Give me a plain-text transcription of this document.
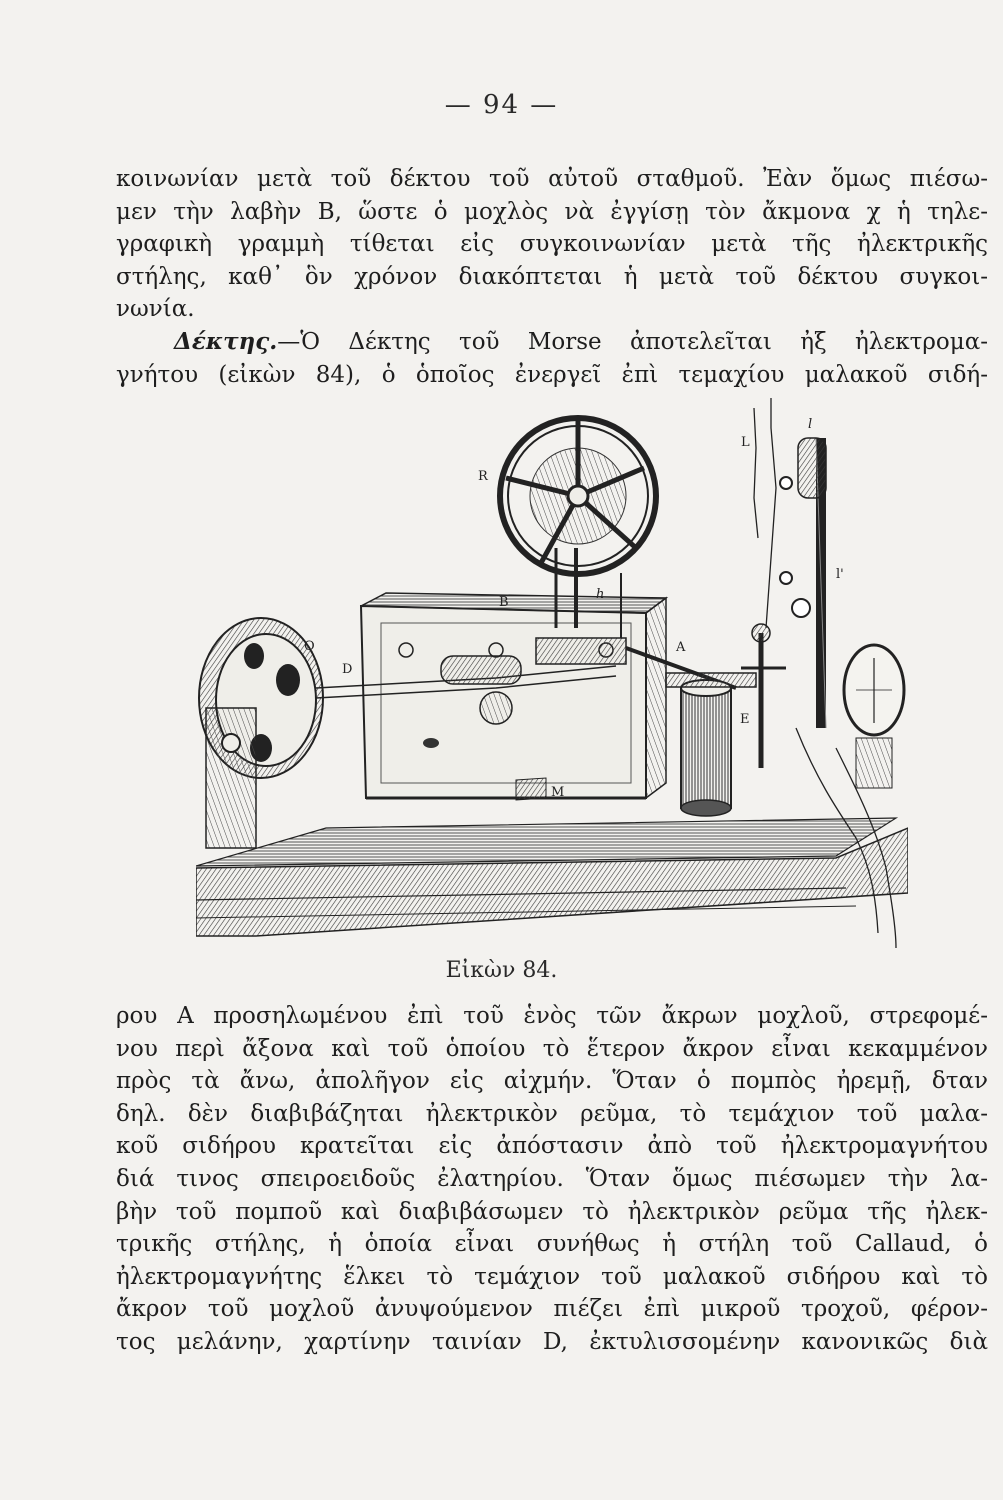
— 94 —
κοινωνίαν μετὰ τοῦ δέκτου τοῦ αὐτοῦ σταθμοῦ. Ἐὰν ὅμως πιέσω-
μεν τὴν λαβὴν Β, ὥστε ὁ μοχλὸς νὰ ἐγγίσῃ τὸν ἄκμονα χ ἡ τηλε-
γραφικὴ γραμμὴ τίθεται εἰς συγκοινωνίαν μετὰ τῆς ἠλεκτρικῆς
στήλης, καθ᾽ ὃν χρόνον διακόπτεται ἡ μετὰ τοῦ δέκτου συγκοι-
νωνία.
Δέκτης.—Ὁ Δέκτης τοῦ Morse ἀποτελεῖται ἠξ ἠλεκτρομα-
γνήτου (εἰκὼν 84), ὁ ὁποῖος ἐνεργεῖ ἐπὶ τεμαχίου μαλακοῦ σιδή-
R
L
B
h
Q
D
A
E
M
l
l'
Εἰκὼν 84.
ρου Α προσηλωμένου ἐπὶ τοῦ ἑνὸς τῶν ἄκρων μοχλοῦ, στρεφομέ-
νου περὶ ἄξονα καὶ τοῦ ὁποίου τὸ ἕτερον ἄκρον εἶναι κεκαμμένον
πρὸς τὰ ἄνω, ἀπολῆγον εἰς αἰχμήν. Ὅταν ὁ πομπὸς ἠρεμῇ, δταν
δηλ. δὲν διαβιβάζηται ἠλεκτρικὸν ρεῦμα, τὸ τεμάχιον τοῦ μαλα-
κοῦ σιδήρου κρατεῖται εἰς ἀπόστασιν ἀπὸ τοῦ ἠλεκτρομαγνήτου
διά τινος σπειροειδοῦς ἐλατηρίου. Ὅταν ὅμως πιέσωμεν τὴν λα-
βὴν τοῦ πομποῦ καὶ διαβιβάσωμεν τὸ ἠλεκτρικὸν ρεῦμα τῆς ἠλεκ-
τρικῆς στήλης, ἡ ὁποία εἶναι συνήθως ἡ στήλη τοῦ Callaud, ὁ
ἠλεκτρομαγνήτης ἕλκει τὸ τεμάχιον τοῦ μαλακοῦ σιδήρου καὶ τὸ
ἄκρον τοῦ μοχλοῦ ἀνυψούμενον πιέζει ἐπὶ μικροῦ τροχοῦ, φέρον-
τος μελάνην, χαρτίνην ταινίαν D, ἐκτυλισσομένην κανονικῶς διὰ
